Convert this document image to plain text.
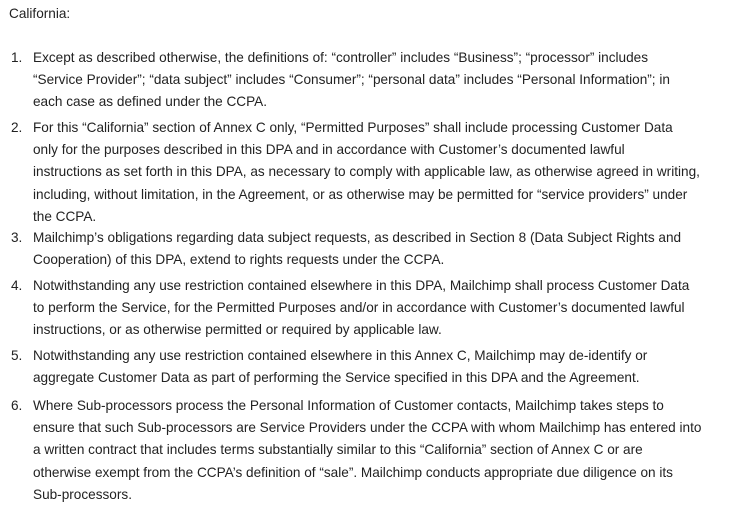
California:

1. Except as described otherwise, the definitions of: “controller” includes “Business”; “processor” includes
“Service Provider”; “data subject” includes “Consumer”; “personal data” includes “Personal Information”; in
each case as defined under the CCPA.

2. For this “California” section of Annex C only, “Permitted Purposes” shall include processing Customer Data
only for the purposes described in this DPA and in accordance with Customer’s documented lawful
instructions as set forth in this DPA, as necessary to comply with applicable law, as otherwise agreed in writing,
including, without limitation, in the Agreement, or as otherwise may be permitted for “service providers” under
the CCPA.

3. Mailchimp’s obligations regarding data subject requests, as described in Section 8 (Data Subject Rights and
Cooperation) of this DPA, extend to rights requests under the CCPA.

4. Notwithstanding any use restriction contained elsewhere in this DPA, Mailchimp shall process Customer Data
to perform the Service, for the Permitted Purposes and/or in accordance with Customer’s documented lawful
instructions, or as otherwise permitted or required by applicable law.

5. Notwithstanding any use restriction contained elsewhere in this Annex C, Mailchimp may de-identify or
aggregate Customer Data as part of performing the Service specified in this DPA and the Agreement.

6. Where Sub-processors process the Personal Information of Customer contacts, Mailchimp takes steps to
ensure that such Sub-processors are Service Providers under the CCPA with whom Mailchimp has entered into
a written contract that includes terms substantially similar to this “California” section of Annex C or are
otherwise exempt from the CCPA’s definition of “sale”. Mailchimp conducts appropriate due diligence on its
Sub-processors.
